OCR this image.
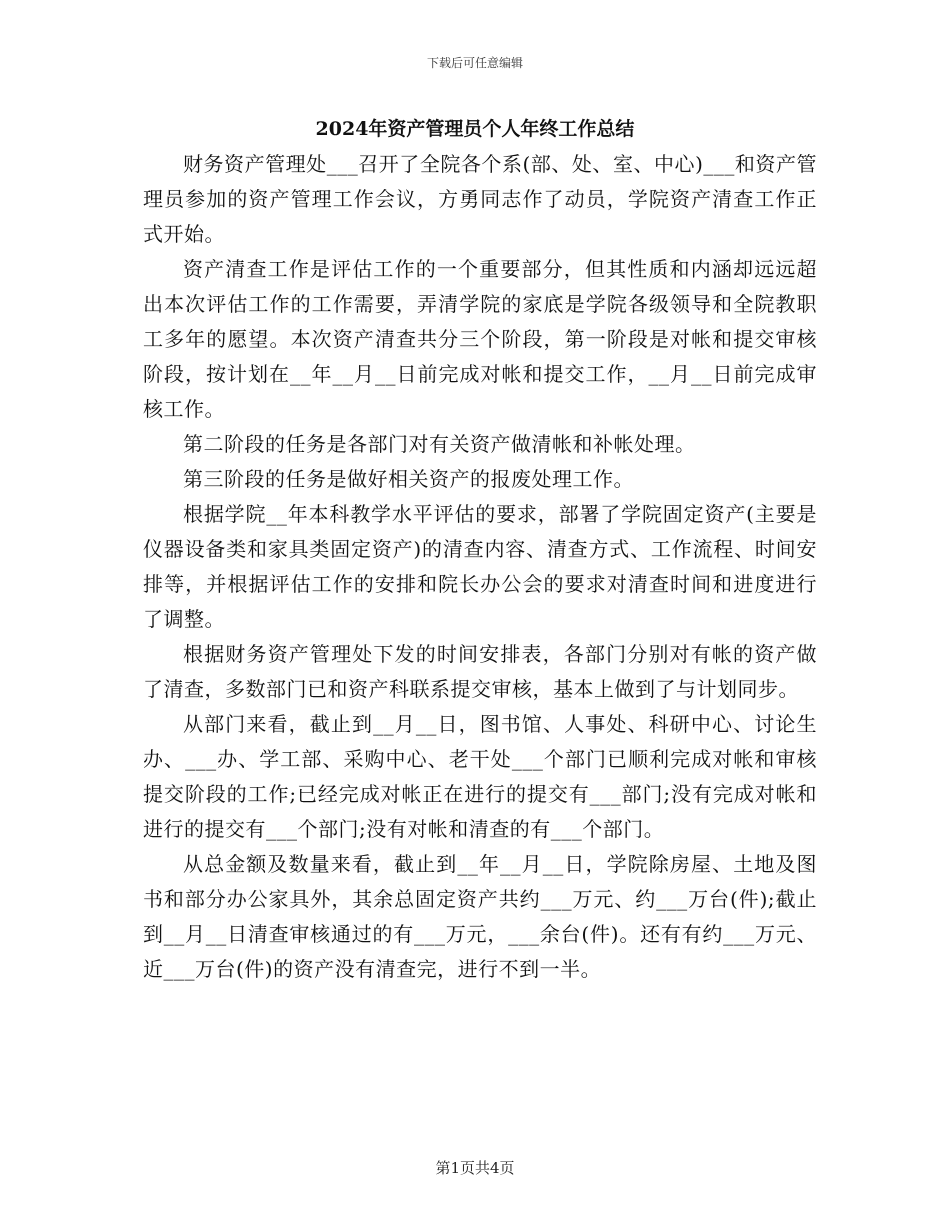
下载后可任意编辑
2024年资产管理员个人年终工作总结

财务资产管理处___召开了全院各个系(部、处、室、中心)___和资产管理员参加的资产管理工作会议，方勇同志作了动员，学院资产清查工作正式开始。

资产清查工作是评估工作的一个重要部分，但其性质和内涵却远远超出本次评估工作的工作需要，弄清学院的家底是学院各级领导和全院教职工多年的愿望。本次资产清查共分三个阶段，第一阶段是对帐和提交审核阶段，按计划在__年__月__日前完成对帐和提交工作，__月__日前完成审核工作。

第二阶段的任务是各部门对有关资产做清帐和补帐处理。

第三阶段的任务是做好相关资产的报废处理工作。

根据学院__年本科教学水平评估的要求，部署了学院固定资产(主要是仪器设备类和家具类固定资产)的清查内容、清查方式、工作流程、时间安排等，并根据评估工作的安排和院长办公会的要求对清查时间和进度进行了调整。

根据财务资产管理处下发的时间安排表，各部门分别对有帐的资产做了清查，多数部门已和资产科联系提交审核，基本上做到了与计划同步。

从部门来看，截止到__月__日，图书馆、人事处、科研中心、讨论生办、___办、学工部、采购中心、老干处___个部门已顺利完成对帐和审核提交阶段的工作;已经完成对帐正在进行的提交有___部门;没有完成对帐和进行的提交有___个部门;没有对帐和清查的有___个部门。

从总金额及数量来看，截止到__年__月__日，学院除房屋、土地及图书和部分办公家具外，其余总固定资产共约___万元、约___万台(件);截止到__月__日清查审核通过的有___万元，___余台(件)。还有有约___万元、近___万台(件)的资产没有清查完，进行不到一半。

第1页共4页
